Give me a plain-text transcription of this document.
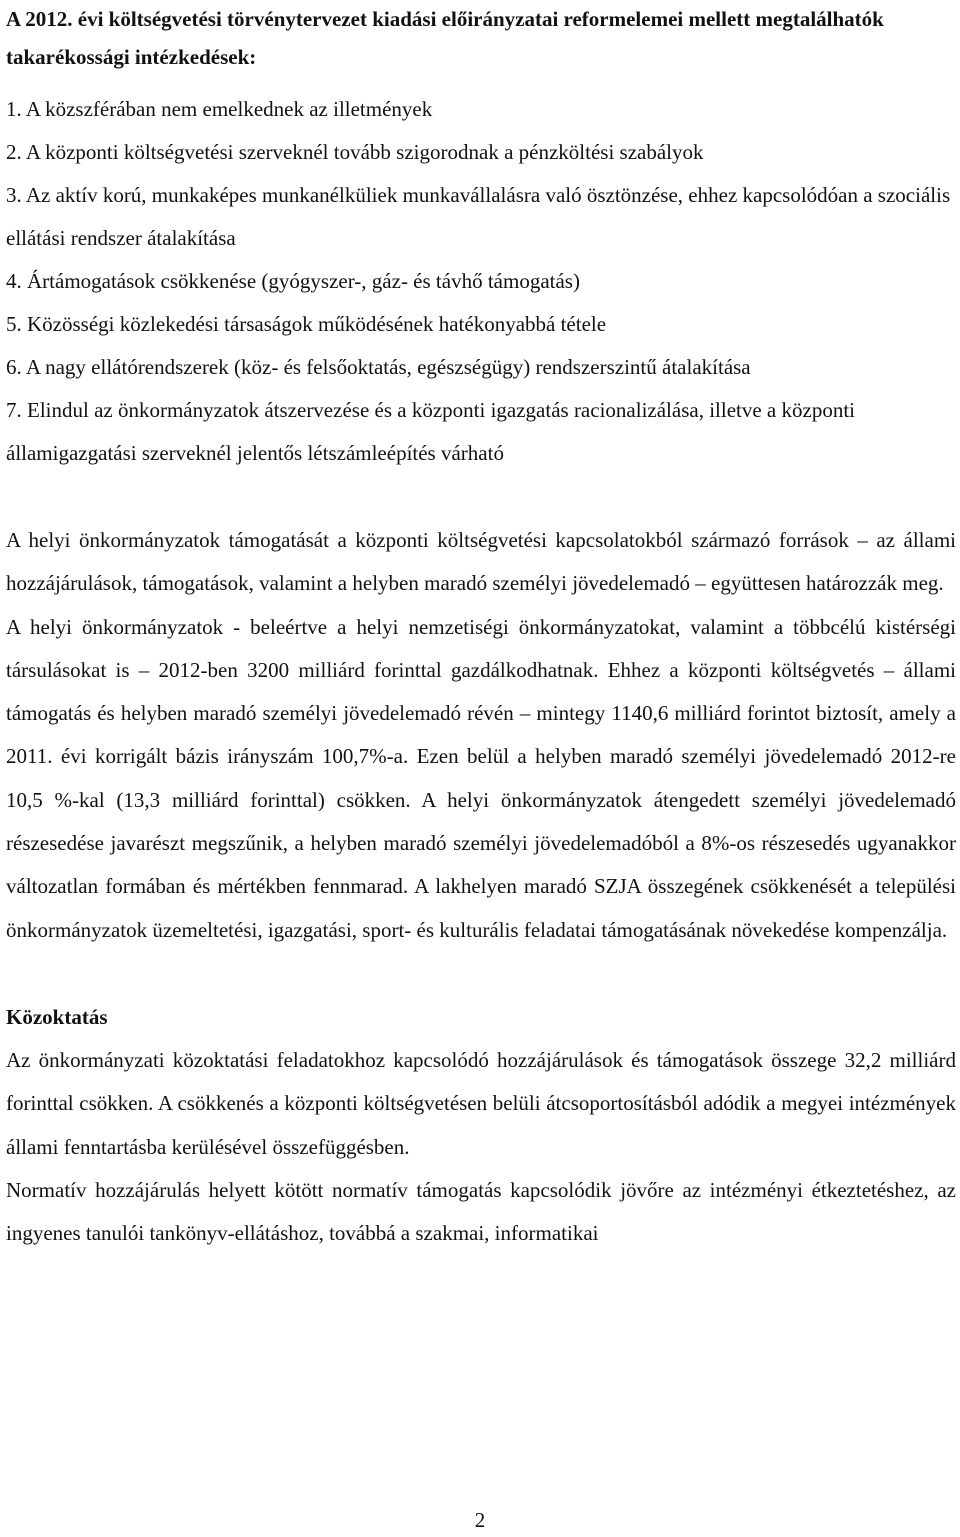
A 2012. évi költségvetési törvénytervezet kiadási előirányzatai reformelemei mellett megtalálhatók takarékossági intézkedések:

1. A közszférában nem emelkednek az illetmények
2. A központi költségvetési szerveknél tovább szigorodnak a pénzköltési szabályok
3. Az aktív korú, munkaképes munkanélküliek munkavállalásra való ösztönzése, ehhez kapcsolódóan a szociális ellátási rendszer átalakítása
4. Ártámogatások csökkenése (gyógyszer-, gáz- és távhő támogatás)
5. Közösségi közlekedési társaságok működésének hatékonyabbá tétele
6. A nagy ellátórendszerek (köz- és felsőoktatás, egészségügy) rendszerszintű átalakítása
7. Elindul az önkormányzatok átszervezése és a központi igazgatás racionalizálása, illetve a központi államigazgatási szerveknél jelentős létszámleépítés várható

A helyi önkormányzatok támogatását a központi költségvetési kapcsolatokból származó források – az állami hozzájárulások, támogatások, valamint a helyben maradó személyi jövedelemadó – együttesen határozzák meg.

A helyi önkormányzatok - beleértve a helyi nemzetiségi önkormányzatokat, valamint a többcélú kistérségi társulásokat is – 2012-ben 3200 milliárd forinttal gazdálkodhatnak. Ehhez a központi költségvetés – állami támogatás és helyben maradó személyi jövedelemadó révén – mintegy 1140,6 milliárd forintot biztosít, amely a 2011. évi korrigált bázis irányszám 100,7%-a. Ezen belül a helyben maradó személyi jövedelemadó 2012-re 10,5 %-kal (13,3 milliárd forinttal) csökken. A helyi önkormányzatok átengedett személyi jövedelemadó részesedése javarészt megszűnik, a helyben maradó személyi jövedelemadóból a 8%-os részesedés ugyanakkor változatlan formában és mértékben fennmarad. A lakhelyen maradó SZJA összegének csökkenését a települési önkormányzatok üzemeltetési, igazgatási, sport- és kulturális feladatai támogatásának növekedése kompenzálja.

Közoktatás

Az önkormányzati közoktatási feladatokhoz kapcsolódó hozzájárulások és támogatások összege 32,2 milliárd forinttal csökken. A csökkenés a központi költségvetésen belüli átcsoportosításból adódik a megyei intézmények állami fenntartásba kerülésével összefüggésben.

Normatív hozzájárulás helyett kötött normatív támogatás kapcsolódik jövőre az intézményi étkeztetéshez, az ingyenes tanulói tankönyv-ellátáshoz, továbbá a szakmai, informatikai

2
